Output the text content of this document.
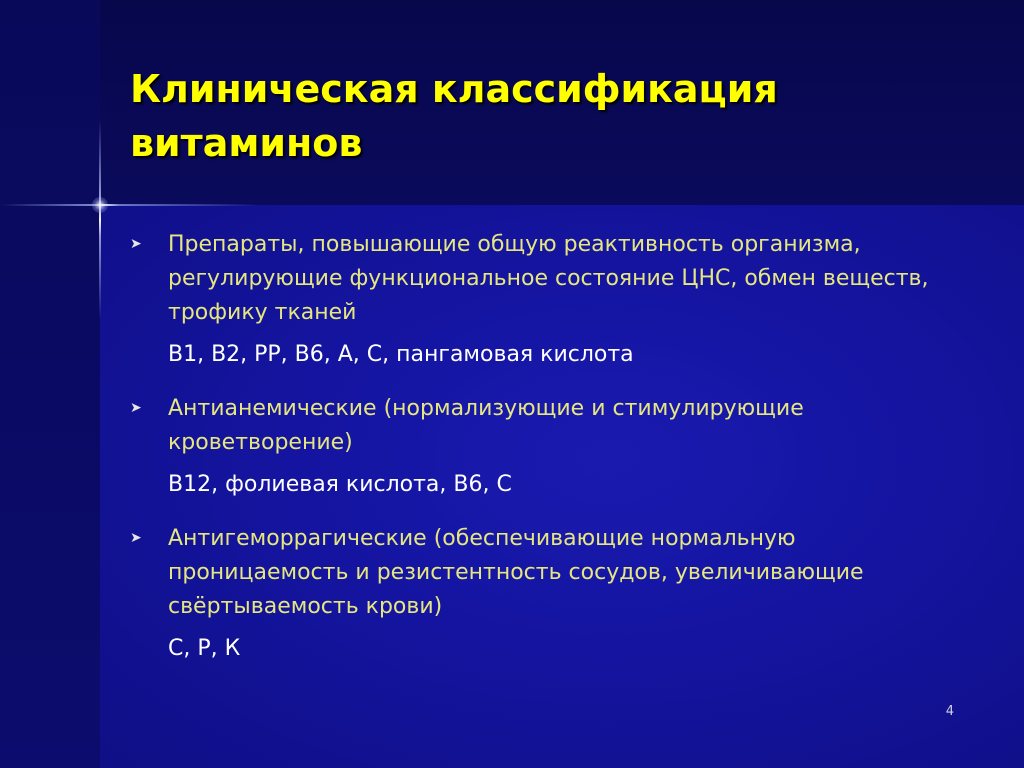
Клиническая классификация витаминов
➤ Препараты, повышающие общую реактивность организма, регулирующие функциональное состояние ЦНС, обмен веществ, трофику тканей
В1, В2, РР, В6, А, С, пангамовая кислота
➤ Антианемические (нормализующие и стимулирующие кроветворение)
В12, фолиевая кислота, В6, С
➤ Антигеморрагические (обеспечивающие нормальную проницаемость и резистентность сосудов, увеличивающие свёртываемость крови)
С, Р, К
4
